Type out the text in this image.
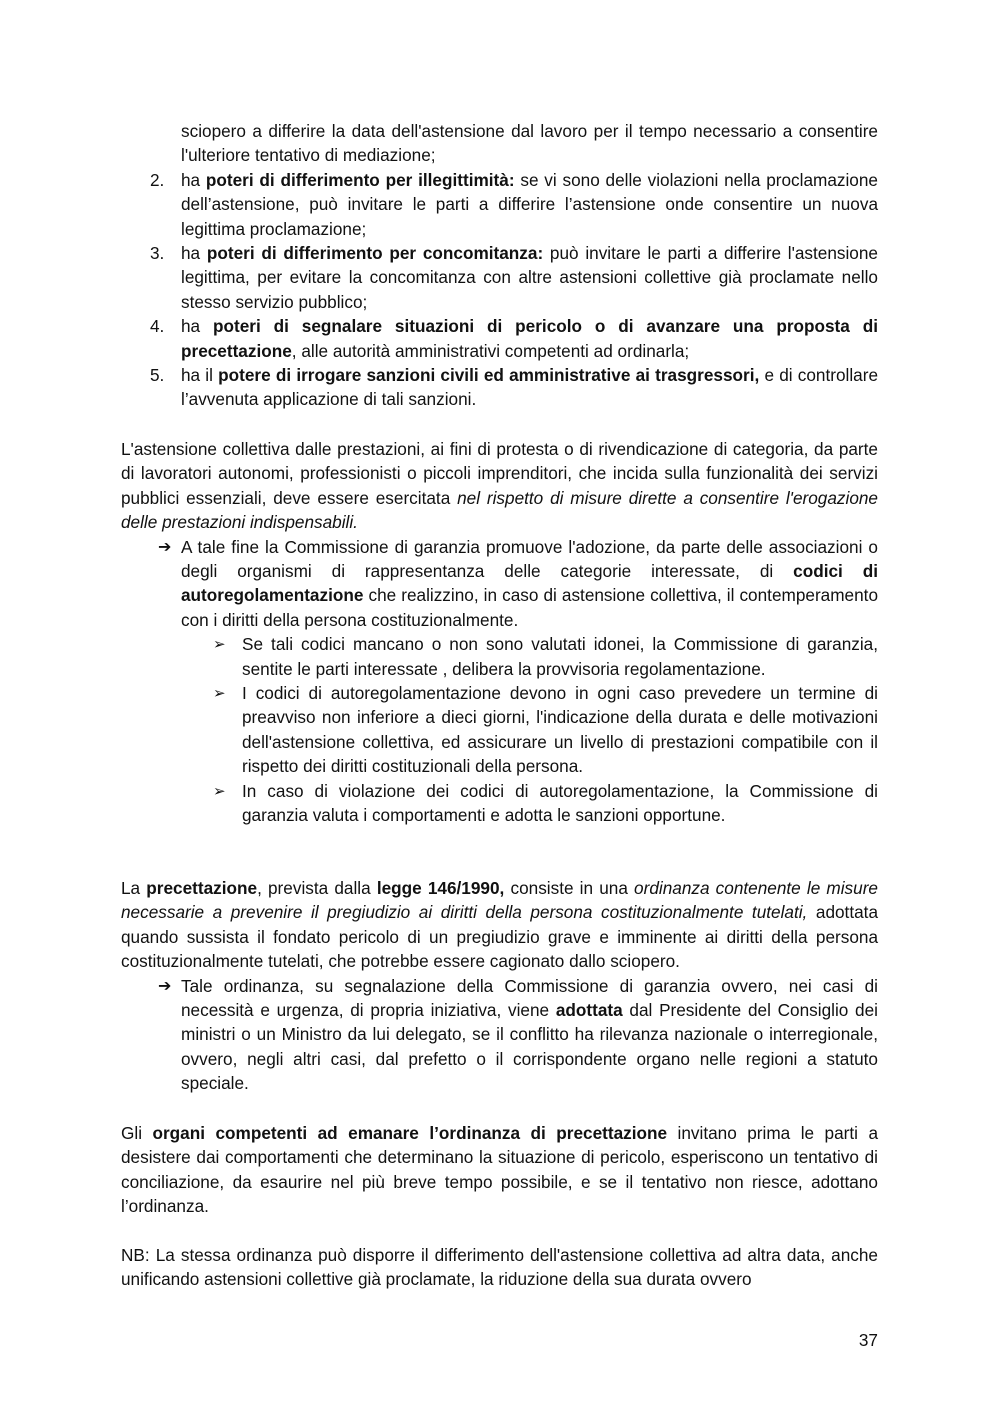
sciopero a differire la data dell'astensione dal lavoro per il tempo necessario a consentire l'ulteriore tentativo di mediazione;
2. ha poteri di differimento per illegittimità: se vi sono delle violazioni nella proclamazione dell’astensione, può invitare le parti a differire l’astensione onde consentire un nuova legittima proclamazione;
3. ha poteri di differimento per concomitanza: può invitare le parti a differire l'astensione legittima, per evitare la concomitanza con altre astensioni collettive già proclamate nello stesso servizio pubblico;
4. ha poteri di segnalare situazioni di pericolo o di avanzare una proposta di precettazione, alle autorità amministrativi competenti ad ordinarla;
5. ha il potere di irrogare sanzioni civili ed amministrative ai trasgressori, e di controllare l’avvenuta applicazione di tali sanzioni.

L'astensione collettiva dalle prestazioni, ai fini di protesta o di rivendicazione di categoria, da parte di lavoratori autonomi, professionisti o piccoli imprenditori, che incida sulla funzionalità dei servizi pubblici essenziali, deve essere esercitata nel rispetto di misure dirette a consentire l'erogazione delle prestazioni indispensabili.

➔ A tale fine la Commissione di garanzia promuove l'adozione, da parte delle associazioni o degli organismi di rappresentanza delle categorie interessate, di codici di autoregolamentazione che realizzino, in caso di astensione collettiva, il contemperamento con i diritti della persona costituzionalmente.
➢ Se tali codici mancano o non sono valutati idonei, la Commissione di garanzia, sentite le parti interessate , delibera la provvisoria regolamentazione.
➢ I codici di autoregolamentazione devono in ogni caso prevedere un termine di preavviso non inferiore a dieci giorni, l'indicazione della durata e delle motivazioni dell'astensione collettiva, ed assicurare un livello di prestazioni compatibile con il rispetto dei diritti costituzionali della persona.
➢ In caso di violazione dei codici di autoregolamentazione, la Commissione di garanzia valuta i comportamenti e adotta le sanzioni opportune.

La precettazione, prevista dalla legge 146/1990, consiste in una ordinanza contenente le misure necessarie a prevenire il pregiudizio ai diritti della persona costituzionalmente tutelati, adottata quando sussista il fondato pericolo di un pregiudizio grave e imminente ai diritti della persona costituzionalmente tutelati, che potrebbe essere cagionato dallo sciopero.

➔ Tale ordinanza, su segnalazione della Commissione di garanzia ovvero, nei casi di necessità e urgenza, di propria iniziativa, viene adottata dal Presidente del Consiglio dei ministri o un Ministro da lui delegato, se il conflitto ha rilevanza nazionale o interregionale, ovvero, negli altri casi, dal prefetto o il corrispondente organo nelle regioni a statuto speciale.

Gli organi competenti ad emanare l’ordinanza di precettazione invitano prima le parti a desistere dai comportamenti che determinano la situazione di pericolo, esperiscono un tentativo di conciliazione, da esaurire nel più breve tempo possibile, e se il tentativo non riesce, adottano l’ordinanza.

NB: La stessa ordinanza può disporre il differimento dell'astensione collettiva ad altra data, anche unificando astensioni collettive già proclamate, la riduzione della sua durata ovvero

37
